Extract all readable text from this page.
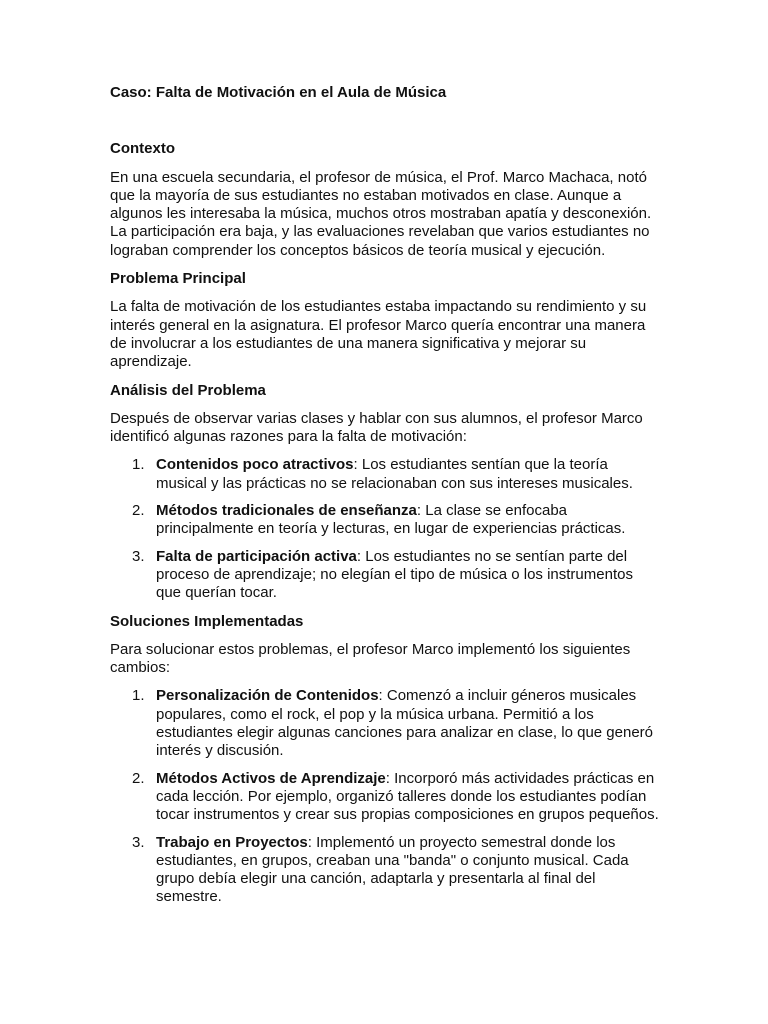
Caso: Falta de Motivación en el Aula de Música

Contexto

En una escuela secundaria, el profesor de música, el Prof. Marco Machaca, notó que la mayoría de sus estudiantes no estaban motivados en clase. Aunque a algunos les interesaba la música, muchos otros mostraban apatía y desconexión. La participación era baja, y las evaluaciones revelaban que varios estudiantes no lograban comprender los conceptos básicos de teoría musical y ejecución.

Problema Principal

La falta de motivación de los estudiantes estaba impactando su rendimiento y su interés general en la asignatura. El profesor Marco quería encontrar una manera de involucrar a los estudiantes de una manera significativa y mejorar su aprendizaje.

Análisis del Problema

Después de observar varias clases y hablar con sus alumnos, el profesor Marco identificó algunas razones para la falta de motivación:

1. Contenidos poco atractivos: Los estudiantes sentían que la teoría musical y las prácticas no se relacionaban con sus intereses musicales.
2. Métodos tradicionales de enseñanza: La clase se enfocaba principalmente en teoría y lecturas, en lugar de experiencias prácticas.
3. Falta de participación activa: Los estudiantes no se sentían parte del proceso de aprendizaje; no elegían el tipo de música o los instrumentos que querían tocar.

Soluciones Implementadas

Para solucionar estos problemas, el profesor Marco implementó los siguientes cambios:

1. Personalización de Contenidos: Comenzó a incluir géneros musicales populares, como el rock, el pop y la música urbana. Permitió a los estudiantes elegir algunas canciones para analizar en clase, lo que generó interés y discusión.
2. Métodos Activos de Aprendizaje: Incorporó más actividades prácticas en cada lección. Por ejemplo, organizó talleres donde los estudiantes podían tocar instrumentos y crear sus propias composiciones en grupos pequeños.
3. Trabajo en Proyectos: Implementó un proyecto semestral donde los estudiantes, en grupos, creaban una "banda" o conjunto musical. Cada grupo debía elegir una canción, adaptarla y presentarla al final del semestre.
